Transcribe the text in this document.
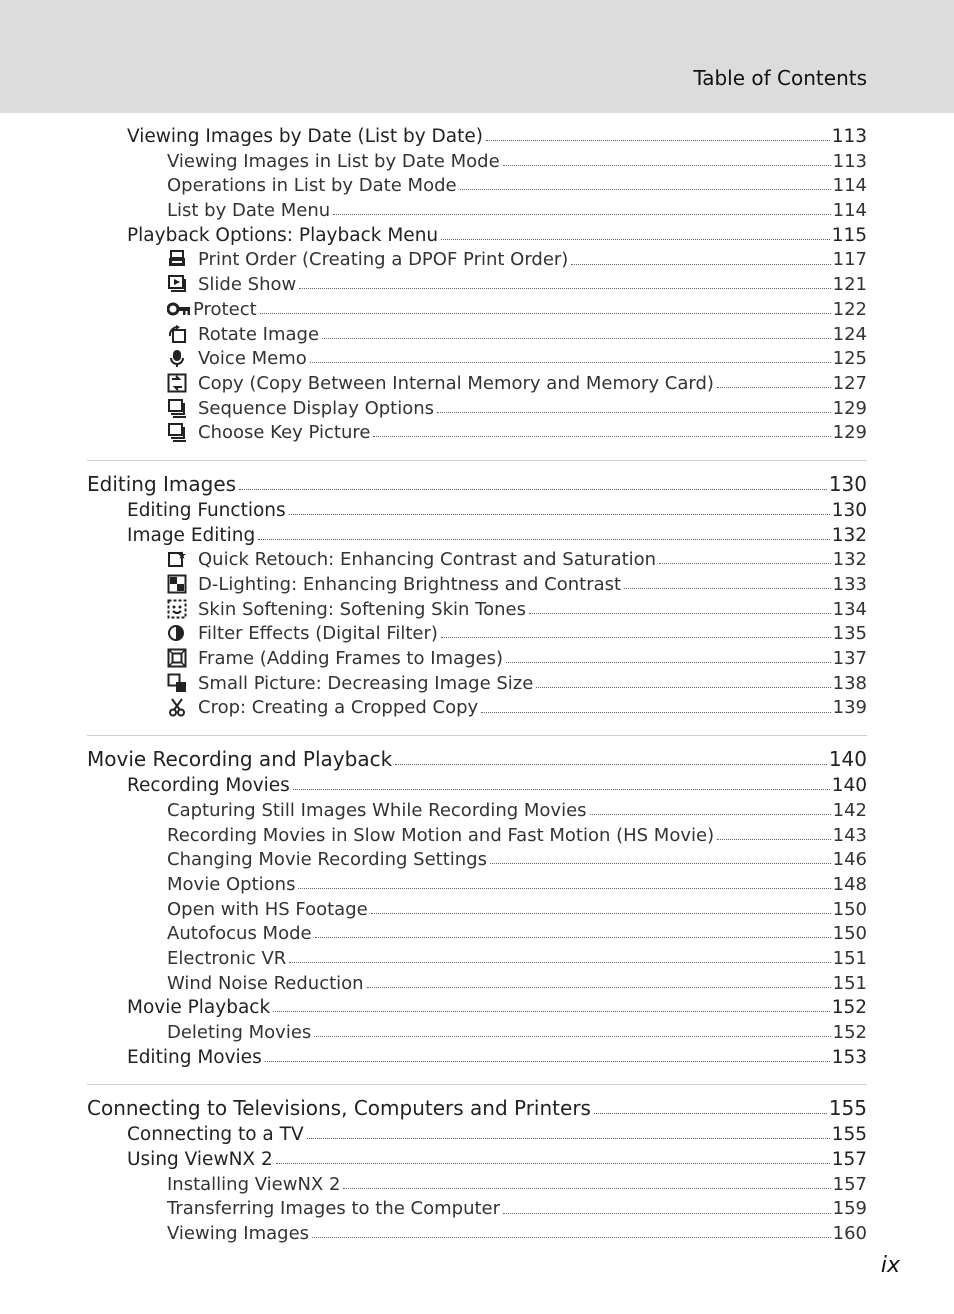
Table of Contents
Viewing Images by Date (List by Date)	113
Viewing Images in List by Date Mode	113
Operations in List by Date Mode	114
List by Date Menu	114
Playback Options: Playback Menu	115
Print Order (Creating a DPOF Print Order)	117
Slide Show	121
Protect	122
Rotate Image	124
Voice Memo	125
Copy (Copy Between Internal Memory and Memory Card)	127
Sequence Display Options	129
Choose Key Picture	129
Editing Images	130
Editing Functions	130
Image Editing	132
Quick Retouch: Enhancing Contrast and Saturation	132
D-Lighting: Enhancing Brightness and Contrast	133
Skin Softening: Softening Skin Tones	134
Filter Effects (Digital Filter)	135
Frame (Adding Frames to Images)	137
Small Picture: Decreasing Image Size	138
Crop: Creating a Cropped Copy	139
Movie Recording and Playback	140
Recording Movies	140
Capturing Still Images While Recording Movies	142
Recording Movies in Slow Motion and Fast Motion (HS Movie)	143
Changing Movie Recording Settings	146
Movie Options	148
Open with HS Footage	150
Autofocus Mode	150
Electronic VR	151
Wind Noise Reduction	151
Movie Playback	152
Deleting Movies	152
Editing Movies	153
Connecting to Televisions, Computers and Printers	155
Connecting to a TV	155
Using ViewNX 2	157
Installing ViewNX 2	157
Transferring Images to the Computer	159
Viewing Images	160
ix
